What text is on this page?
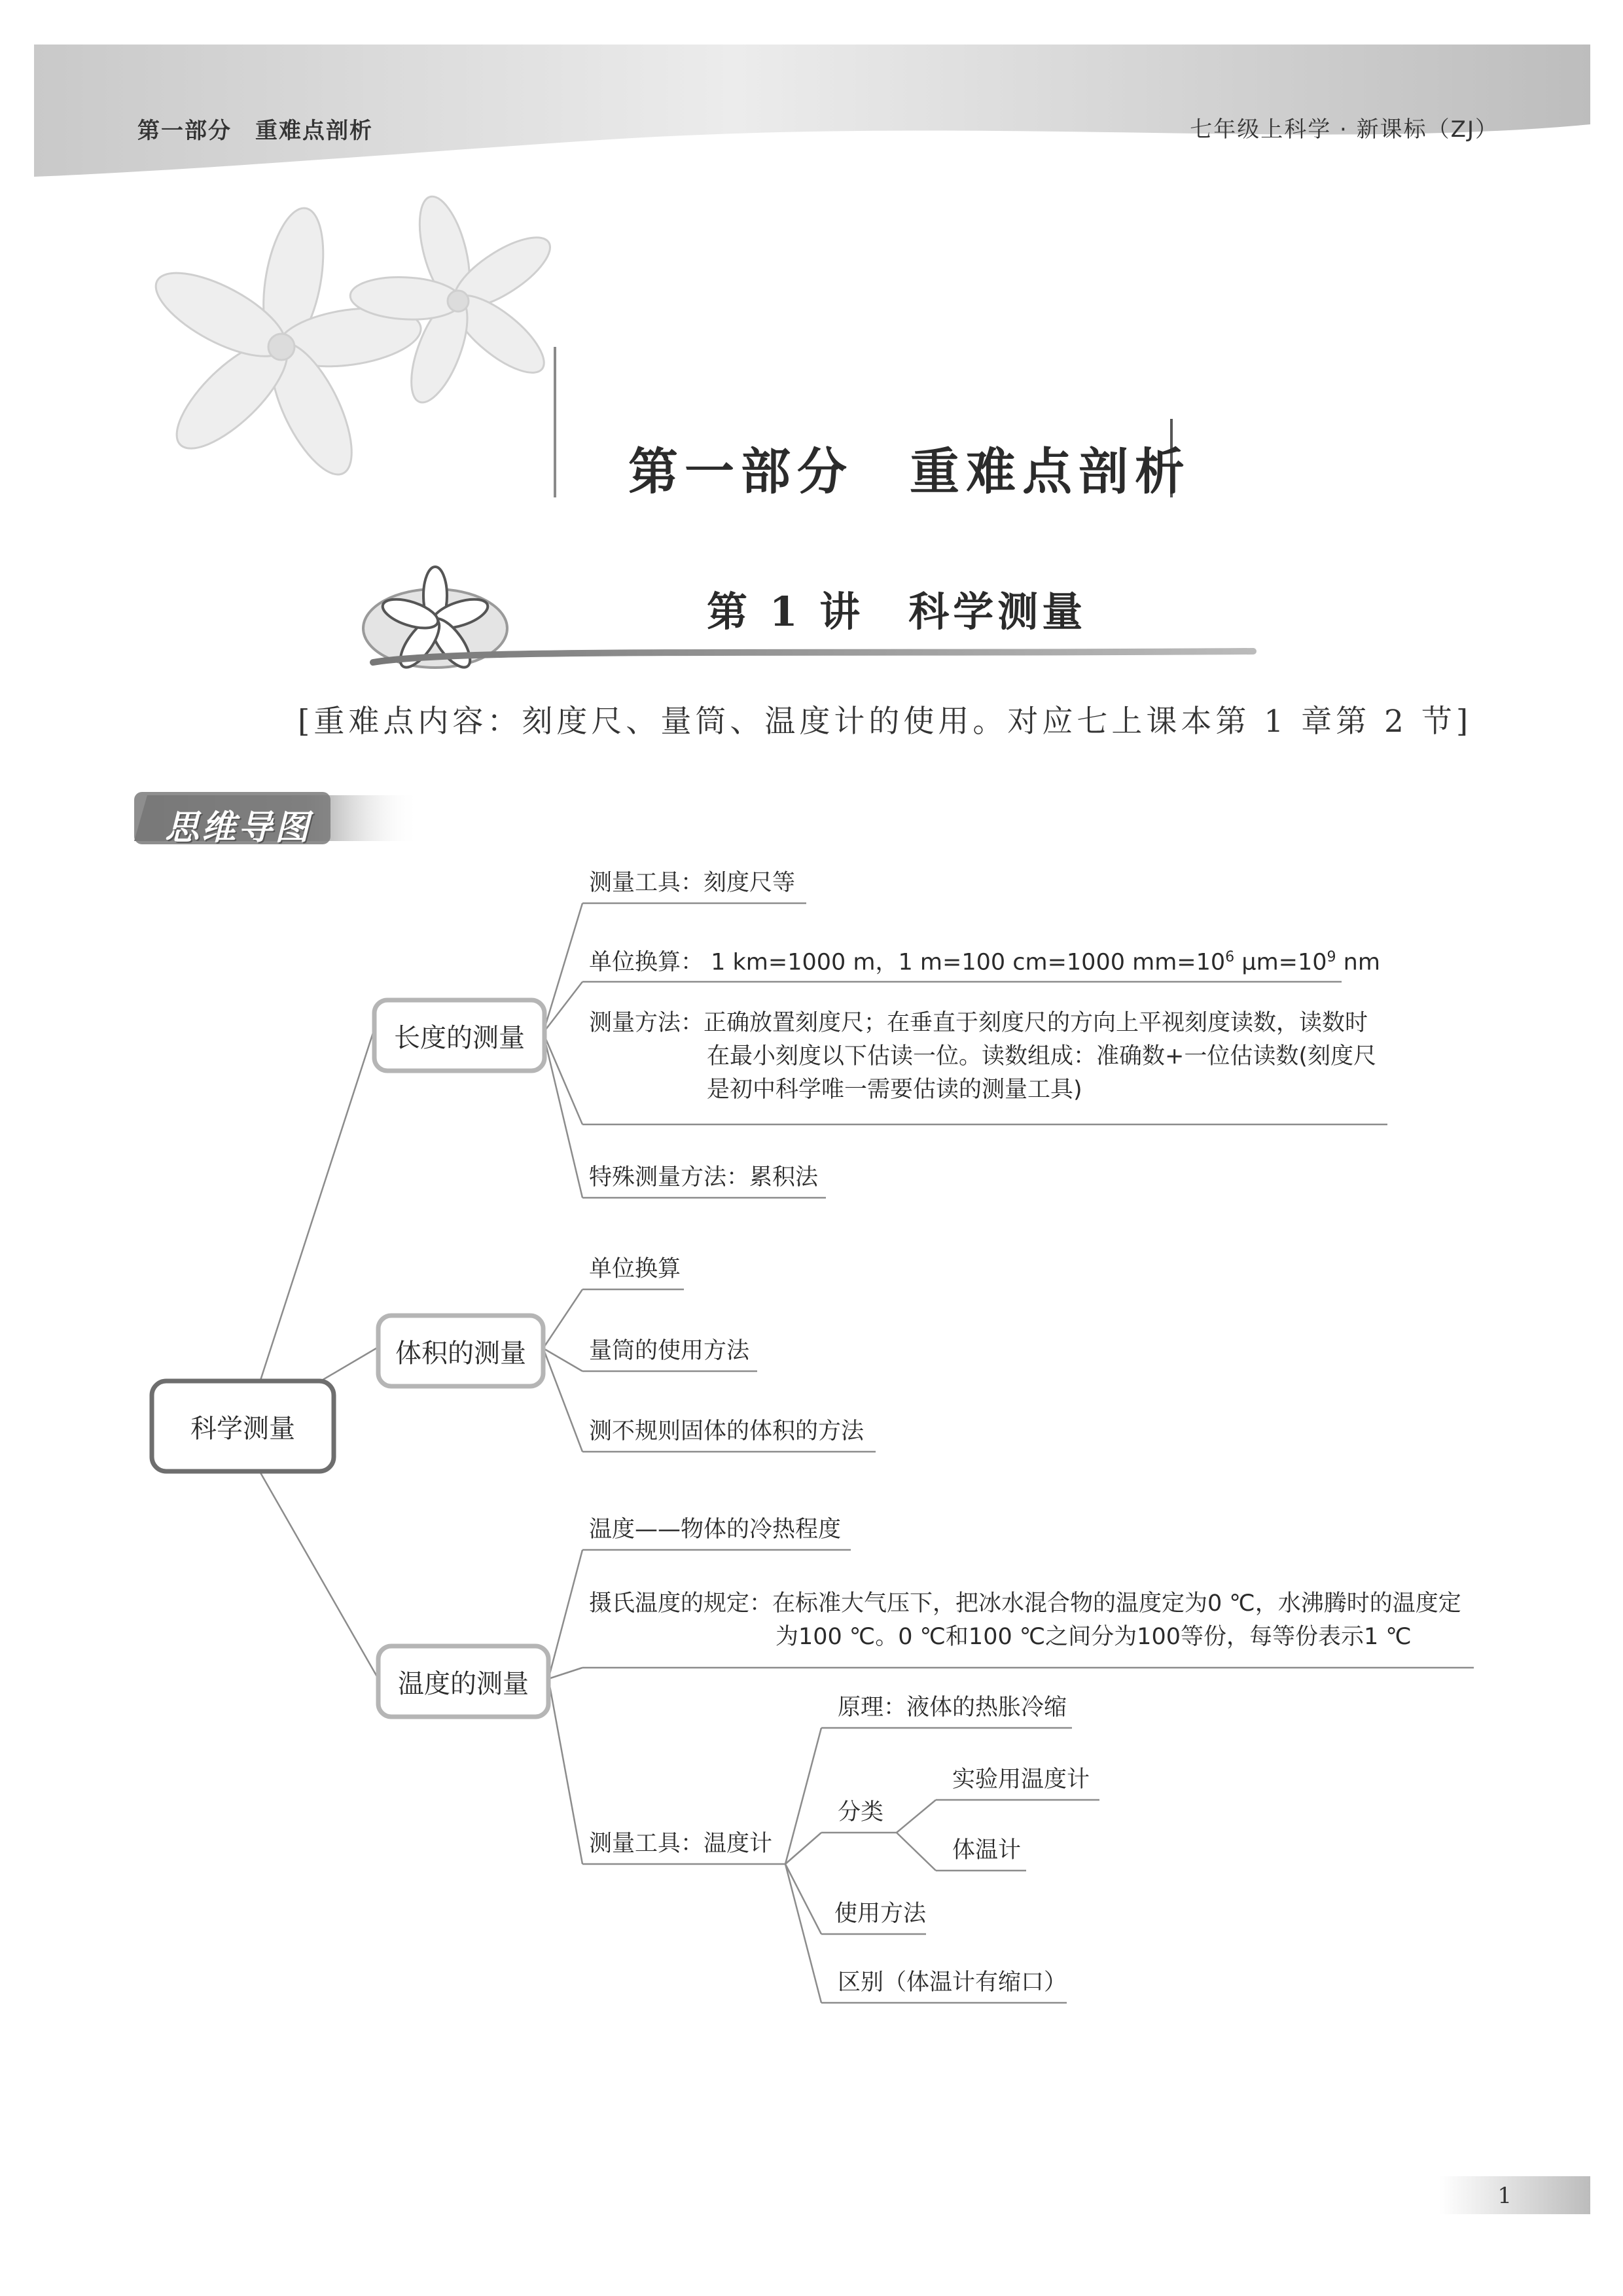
第一部分　重难点剖析	七年级上科学 · 新课标（ZJ）
第一部分　重难点剖析
第 1 讲　科学测量
[重难点内容：刻度尺、量筒、温度计的使用。对应七上课本第 1 章第 2 节]
思维导图
科学测量
长度的测量
体积的测量
温度的测量
测量工具：刻度尺等
单位换算： 1 km=1000 m，1 m=100 cm=1000 $mm=10^6$ $\mu m=10^9$ nm
测量方法：正确放置刻度尺；在垂直于刻度尺的方向上平视刻度读数，读数时
在最小刻度以下估读一位。读数组成：准确数+一位估读数(刻度尺
是初中科学唯一需要估读的测量工具)
特殊测量方法：累积法
单位换算
量筒的使用方法
测不规则固体的体积的方法
温度——物体的冷热程度
摄氏温度的规定：在标准大气压下，把冰水混合物的温度定为0 ℃，水沸腾时的温度定
为100 ℃。0 ℃和100 ℃之间分为100等份，每等份表示1 ℃
测量工具：温度计
原理：液体的热胀冷缩
分类
实验用温度计
体温计
使用方法
区别（体温计有缩口）
1
